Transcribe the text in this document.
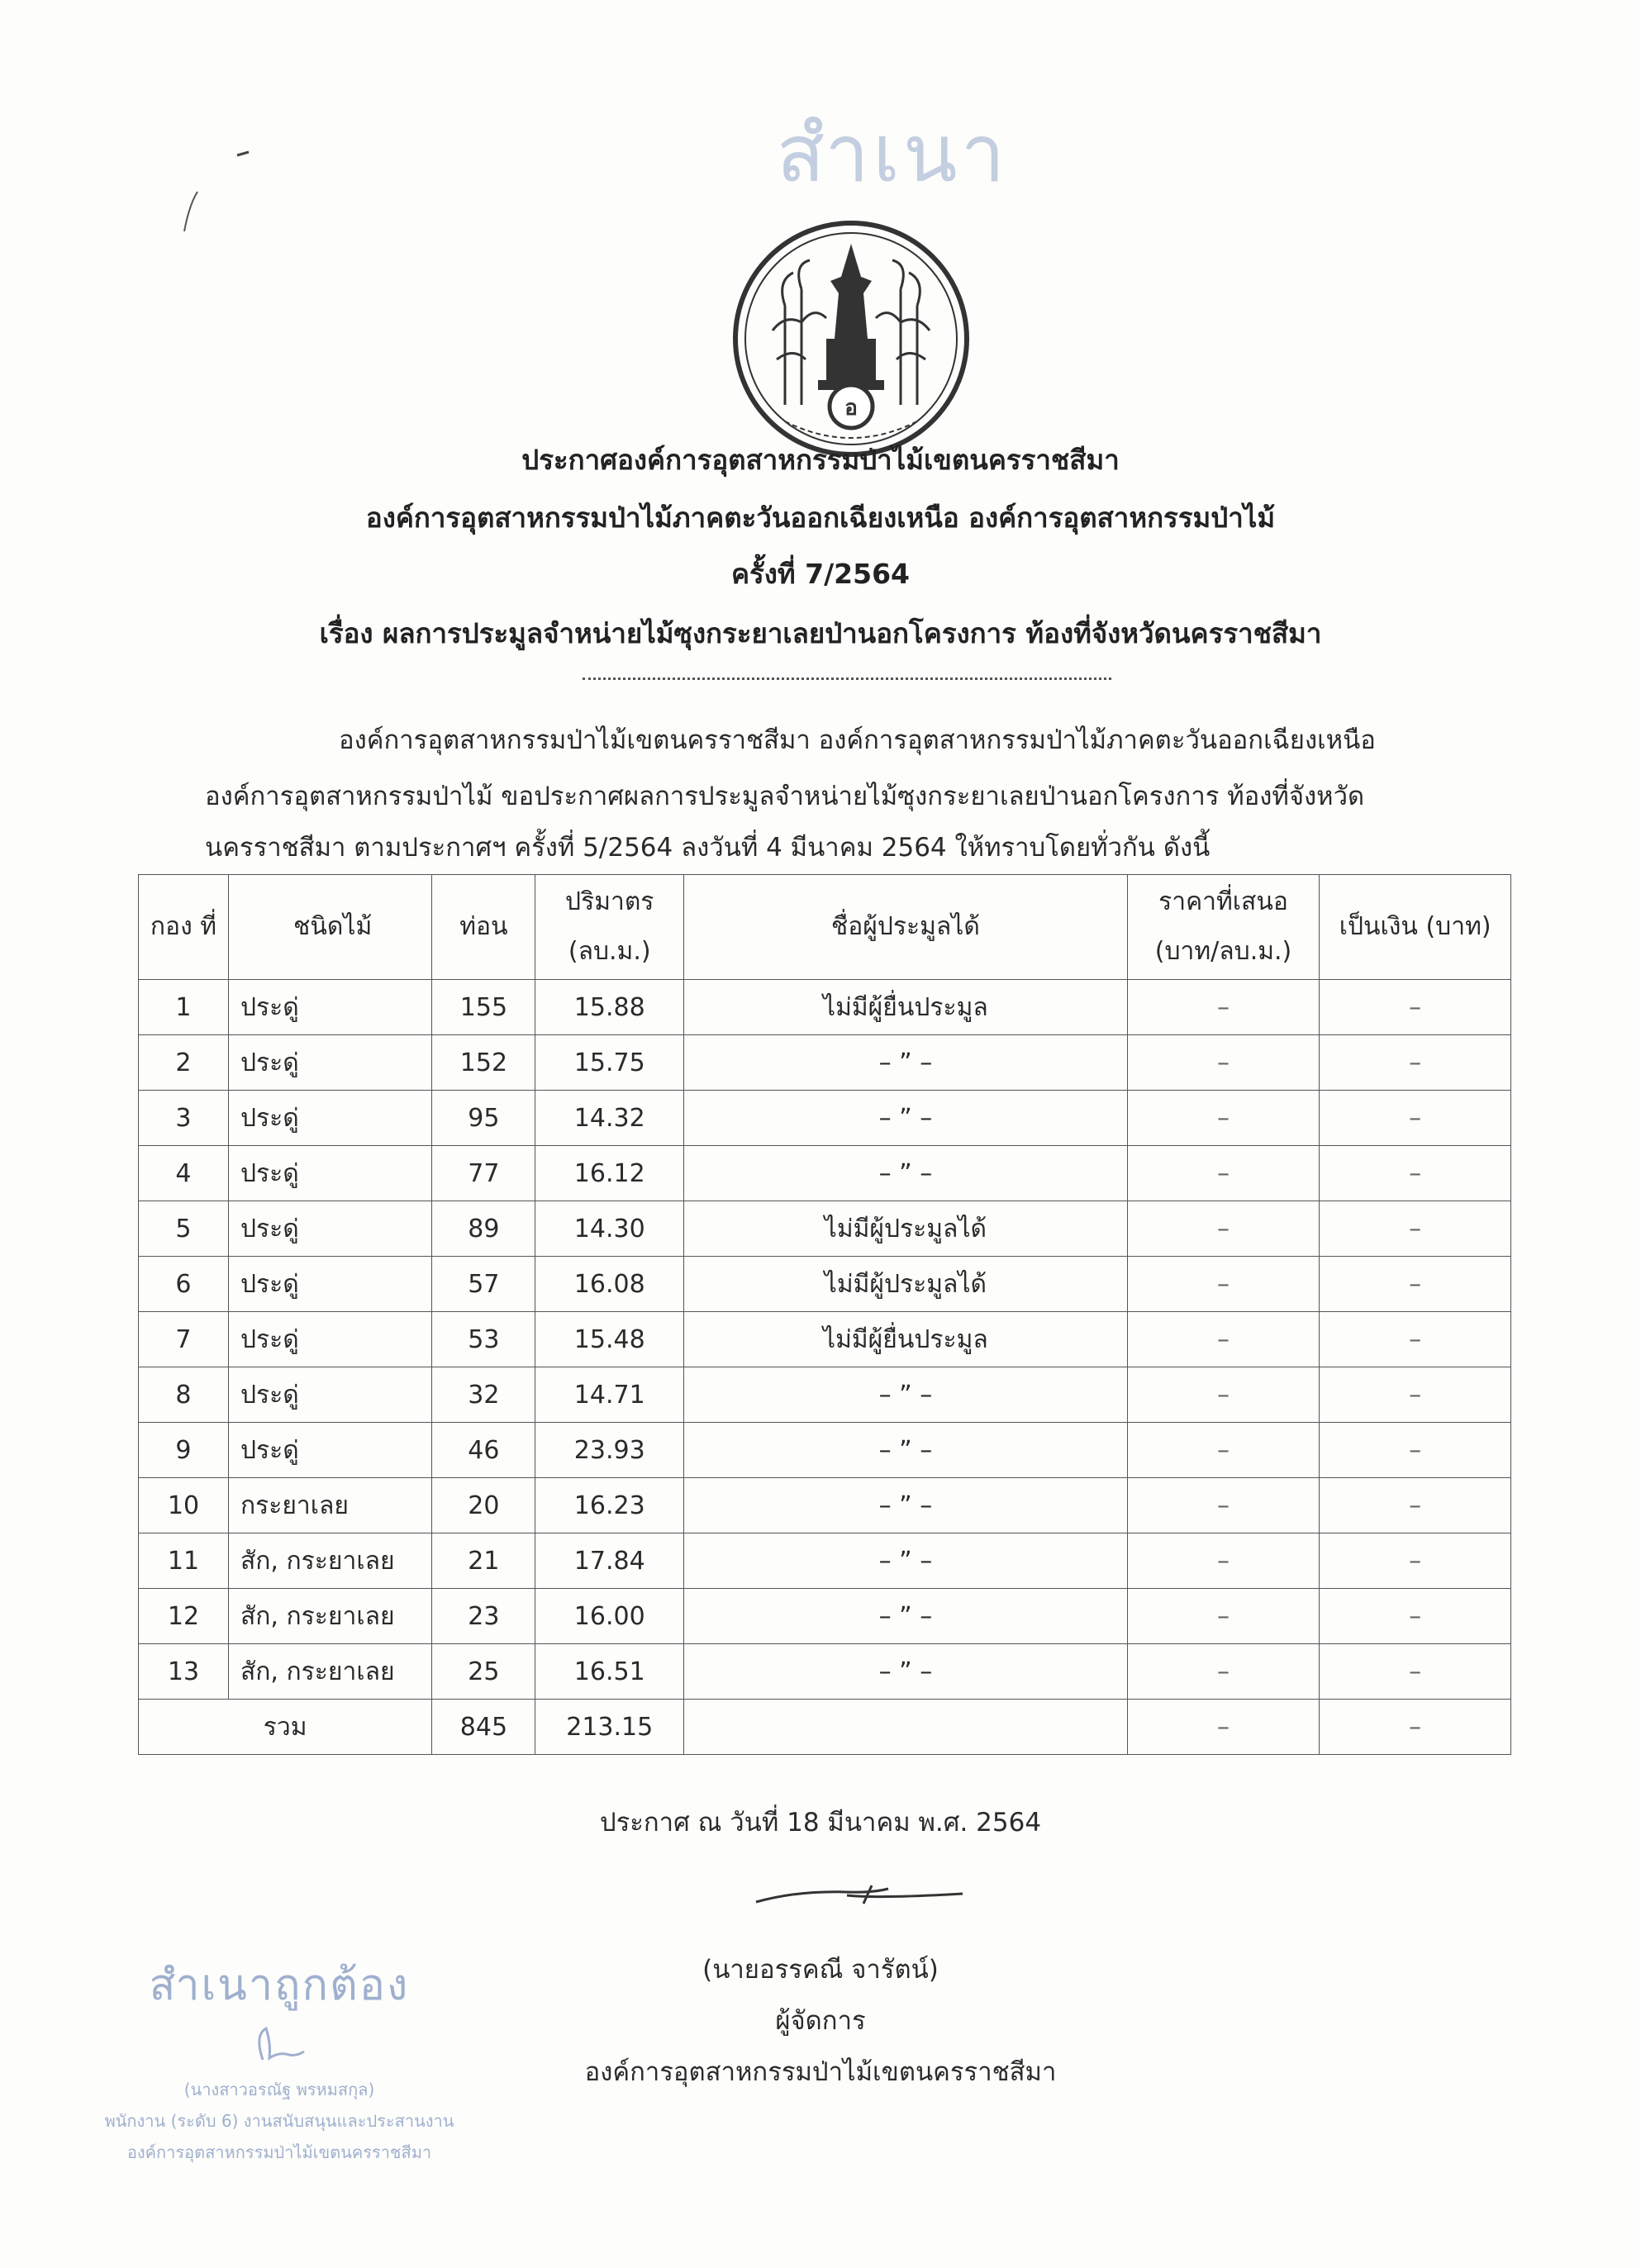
สำเนา
อ
ประกาศองค์การอุตสาหกรรมป่าไม้เขตนครราชสีมา
องค์การอุตสาหกรรมป่าไม้ภาคตะวันออกเฉียงเหนือ องค์การอุตสาหกรรมป่าไม้
ครั้งที่ 7/2564
เรื่อง ผลการประมูลจำหน่ายไม้ซุงกระยาเลยป่านอกโครงการ ท้องที่จังหวัดนครราชสีมา
องค์การอุตสาหกรรมป่าไม้เขตนครราชสีมา องค์การอุตสาหกรรมป่าไม้ภาคตะวันออกเฉียงเหนือ
องค์การอุตสาหกรรมป่าไม้ ขอประกาศผลการประมูลจำหน่ายไม้ซุงกระยาเลยป่านอกโครงการ ท้องที่จังหวัด
นครราชสีมา ตามประกาศฯ ครั้งที่ 5/2564 ลงวันที่ 4 มีนาคม 2564 ให้ทราบโดยทั่วกัน ดังนี้
กอง ที่	ชนิดไม้	ท่อน	ปริมาตร (ลบ.ม.)	ชื่อผู้ประมูลได้	ราคาที่เสนอ (บาท/ลบ.ม.)	เป็นเงิน (บาท)
1	ประดู่	155	15.88	ไม่มีผู้ยื่นประมูล	–	–
2	ประดู่	152	15.75	– ” –	–	–
3	ประดู่	95	14.32	– ” –	–	–
4	ประดู่	77	16.12	– ” –	–	–
5	ประดู่	89	14.30	ไม่มีผู้ประมูลได้	–	–
6	ประดู่	57	16.08	ไม่มีผู้ประมูลได้	–	–
7	ประดู่	53	15.48	ไม่มีผู้ยื่นประมูล	–	–
8	ประดู่	32	14.71	– ” –	–	–
9	ประดู่	46	23.93	– ” –	–	–
10	กระยาเลย	20	16.23	– ” –	–	–
11	สัก, กระยาเลย	21	17.84	– ” –	–	–
12	สัก, กระยาเลย	23	16.00	– ” –	–	–
13	สัก, กระยาเลย	25	16.51	– ” –	–	–
รวม		845	213.15		–	–
ประกาศ ณ วันที่ 18 มีนาคม พ.ศ. 2564
(นายอรรคณี จารัตน์)
ผู้จัดการ
องค์การอุตสาหกรรมป่าไม้เขตนครราชสีมา
สำเนาถูกต้อง
(นางสาวอรณัฐ พรหมสกุล)
พนักงาน (ระดับ 6) งานสนับสนุนและประสานงาน
องค์การอุตสาหกรรมป่าไม้เขตนครราชสีมา
